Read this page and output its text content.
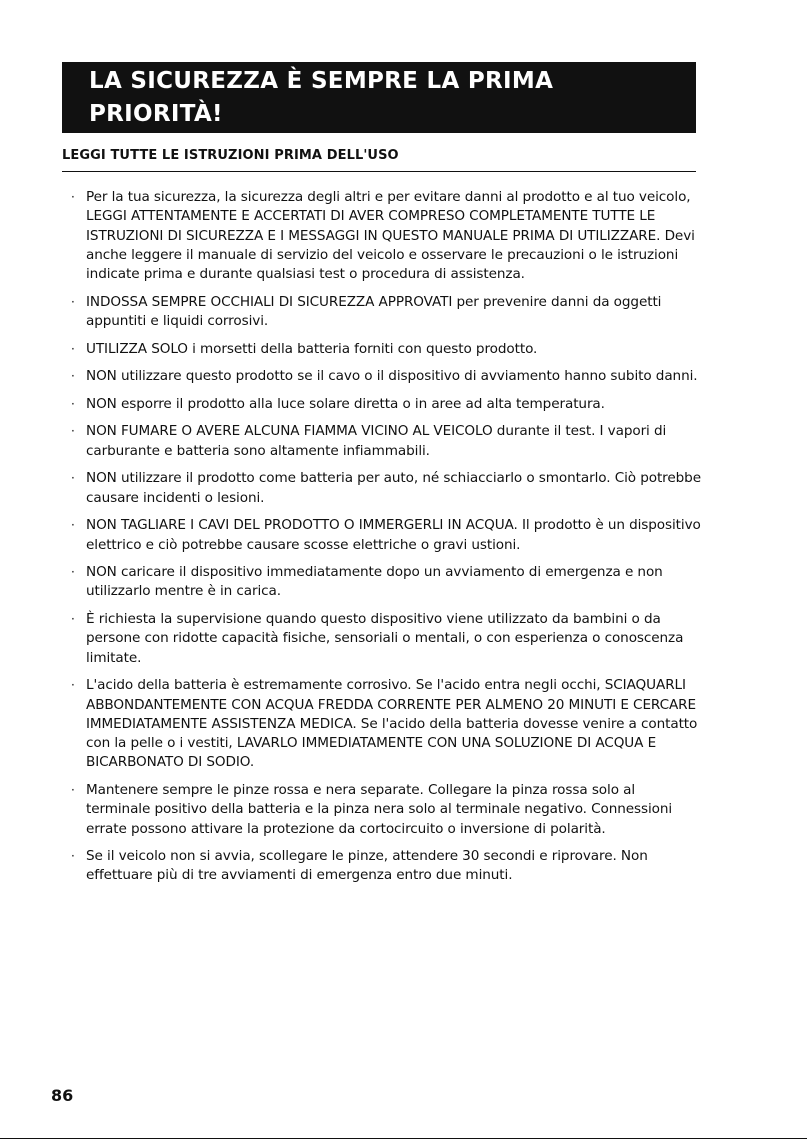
LA SICUREZZA È SEMPRE LA PRIMA
PRIORITÀ!
LEGGI TUTTE LE ISTRUZIONI PRIMA DELL'USO
· Per la tua sicurezza, la sicurezza degli altri e per evitare danni al prodotto e al tuo veicolo, LEGGI ATTENTAMENTE E ACCERTATI DI AVER COMPRESO COMPLETAMENTE TUTTE LE ISTRUZIONI DI SICUREZZA E I MESSAGGI IN QUESTO MANUALE PRIMA DI UTILIZZARE. Devi anche leggere il manuale di servizio del veicolo e osservare le precauzioni o le istruzioni indicate prima e durante qualsiasi test o procedura di assistenza.
· INDOSSA SEMPRE OCCHIALI DI SICUREZZA APPROVATI per prevenire danni da oggetti appuntiti e liquidi corrosivi.
· UTILIZZA SOLO i morsetti della batteria forniti con questo prodotto.
· NON utilizzare questo prodotto se il cavo o il dispositivo di avviamento hanno subito danni.
· NON esporre il prodotto alla luce solare diretta o in aree ad alta temperatura.
· NON FUMARE O AVERE ALCUNA FIAMMA VICINO AL VEICOLO durante il test. I vapori di carburante e batteria sono altamente infiammabili.
· NON utilizzare il prodotto come batteria per auto, né schiacciarlo o smontarlo. Ciò potrebbe causare incidenti o lesioni.
· NON TAGLIARE I CAVI DEL PRODOTTO O IMMERGERLI IN ACQUA. Il prodotto è un dispositivo elettrico e ciò potrebbe causare scosse elettriche o gravi ustioni.
· NON caricare il dispositivo immediatamente dopo un avviamento di emergenza e non utilizzarlo mentre è in carica.
· È richiesta la supervisione quando questo dispositivo viene utilizzato da bambini o da persone con ridotte capacità fisiche, sensoriali o mentali, o con esperienza o conoscenza limitate.
· L'acido della batteria è estremamente corrosivo. Se l'acido entra negli occhi, SCIAQUARLI ABBONDANTEMENTE CON ACQUA FREDDA CORRENTE PER ALMENO 20 MINUTI E CERCARE IMMEDIATAMENTE ASSISTENZA MEDICA. Se l'acido della batteria dovesse venire a contatto con la pelle o i vestiti, LAVARLO IMMEDIATAMENTE CON UNA SOLUZIONE DI ACQUA E BICARBONATO DI SODIO.
· Mantenere sempre le pinze rossa e nera separate. Collegare la pinza rossa solo al terminale positivo della batteria e la pinza nera solo al terminale negativo. Connessioni errate possono attivare la protezione da cortocircuito o inversione di polarità.
· Se il veicolo non si avvia, scollegare le pinze, attendere 30 secondi e riprovare. Non effettuare più di tre avviamenti di emergenza entro due minuti.
86
